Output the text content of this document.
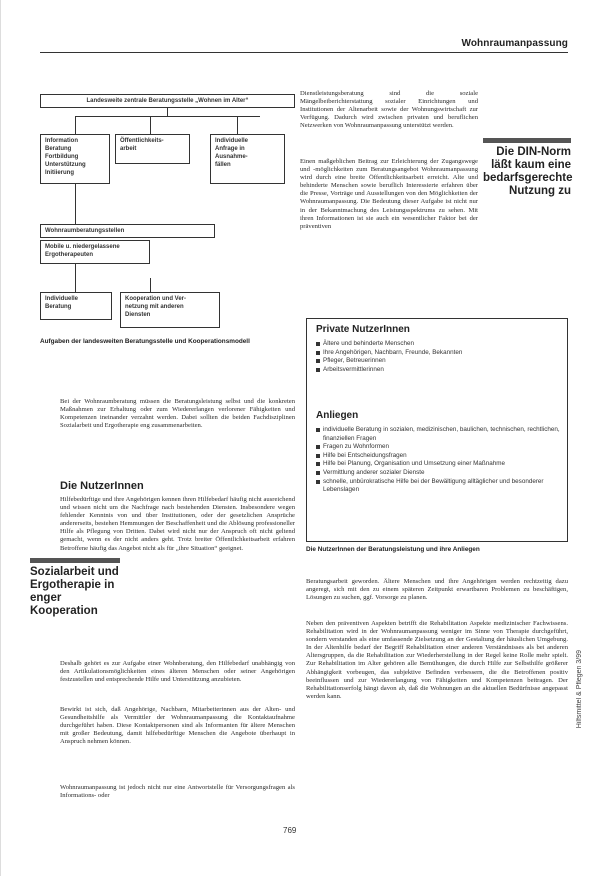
Wohnraumanpassung
Landesweite zentrale Beratungsstelle „Wohnen im Alter“
Information
Beratung
Fortbildung
Unterstützung
Initiierung
Öffentlichkeits-
arbeit
Individuelle
Anfrage in
Ausnahme-
fällen
Wohnraumberatungsstellen
Mobile u. niedergelassene
Ergotherapeuten
Individuelle
Beratung
Kooperation und Ver-
netzung mit anderen
Diensten
Aufgaben der landesweiten Beratungsstelle und Kooperationsmodell
Bei der Wohnraumberatung müssen die Beratungsleistung selbst und die konkreten Maßnahmen zur Erhaltung oder zum Wiedererlangen verlorener Fähigkeiten und Kompetenzen ineinander verzahnt werden. Dabei sollten die beiden Fachdisziplinen Sozialarbeit und Ergotherapie eng zusammenarbeiten.
Die NutzerInnen
Hilfebedürftige und ihre Angehörigen kennen ihren Hilfebedarf häufig nicht ausreichend und wissen nicht um die Nachfrage nach bestehenden Diensten. Insbesondere wegen fehlender Kenntnis von und über Institutionen, oder der gesetzlichen Ansprüche andererseits, bestehen Hemmungen der Beschaffenheit und die Ablösung professioneller Hilfe als Pflegung von Dritten. Dabei wird nicht nur der Anspruch oft nicht geltend gemacht, wenn es der nicht anders geht. Trotz breiter Öffentlichkeitsarbeit erfahren Betroffene häufig das Angebot nicht als für „ihre Situation“ geeignet.
Sozialarbeit und Ergotherapie in enger Kooperation
Deshalb gehört es zur Aufgabe einer Wohnberatung, den Hilfebedarf unabhängig von den Artikulationsmöglichkeiten eines älteren Menschen oder seiner Angehörigen festzustellen und entsprechende Hilfe und Unterstützung anzubieten.
Bewirkt ist sich, daß Angehörige, Nachbarn, Mitarbeiterinnen aus der Alten- und Gesundheitshilfe als Vermittler der Wohnraumanpassung die Kontaktaufnahme durchgeführt haben. Diese Kontaktpersonen sind als Informanten für ältere Menschen mit großer Bedeutung, damit hilfebedürftige Menschen die Angebote überhaupt in Anspruch nehmen können.
Wohnraumanpassung ist jedoch nicht nur eine Antwortstelle für Versorgungsfragen als Informations- oder
Dienstleistungsberatung sind die soziale Mängelbeiberichterstattung sozialer Einrichtungen und Institutionen der Altenarbeit sowie der Wohnungswirtschaft zur Verfügung. Dadurch wird zwischen privaten und beruflichen Netzwerken von Wohnraumanpassung unterstützt werden.
Einen maßgeblichen Beitrag zur Erleichterung der Zugangswege und -möglichkeiten zum Beratungsangebot Wohnraumanpassung wird durch eine breite Öffentlichkeitsarbeit erreicht. Alte und behinderte Menschen sowie beruflich Interessierte erfahren über die Presse, Vorträge und Ausstellungen von den Möglichkeiten der Wohnraumanpassung. Die Bedeutung dieser Aufgabe ist nicht nur in der Bekanntmachung des Leistungsspektrums zu sehen. Mit ihren Informationen ist sie auch ein wesentlicher Faktor bei der präventiven
Die DIN-Norm läßt kaum eine bedarfsgerechte Nutzung zu
Private NutzerInnen
Ältere und behinderte Menschen
Ihre Angehörigen, Nachbarn, Freunde, Bekannten
Pfleger, Betreuerinnen
Arbeitsvermittlerinnen
Anliegen
individuelle Beratung in sozialen, medizinischen, baulichen, technischen, rechtlichen, finanziellen Fragen
Fragen zu Wohnformen
Hilfe bei Entscheidungsfragen
Hilfe bei Planung, Organisation und Umsetzung einer Maßnahme
Vermittlung anderer sozialer Dienste
schnelle, unbürokratische Hilfe bei der Bewältigung alltäglicher und besonderer Lebenslagen
Die NutzerInnen der Beratungsleistung und ihre Anliegen
Beratungsarbeit geworden. Ältere Menschen und ihre Angehörigen werden rechtzeitig dazu angeregt, sich mit den zu einem späteren Zeitpunkt erwartbaren Problemen zu beschäftigen, Lösungen zu suchen, ggf. Vorsorge zu planen.
Neben den präventiven Aspekten betrifft die Rehabilitation Aspekte medizinischer Fachwissens. Rehabilitation wird in der Wohnraumanpassung weniger im Sinne von Therapie durchgeführt, sondern verstanden als eine umfassende Zielsetzung an der Gestaltung der häuslichen Umgebung. In der Altenhilfe bedarf der Begriff Rehabilitation einer anderen Verständnisses als bei anderen Altersgruppen, da die Rehabilitation zur Wiederherstellung in der Regel keine Rolle mehr spielt. Zur Rehabilitation im Alter gehören alle Bemühungen, die durch Hilfe zur Selbsthilfe größerer Abhängigkeit vorbeugen, das subjektive Befinden verbessern, die die Betroffenen positiv beeinflussen und zur Wiedererlangung von Fähigkeiten und Kompetenzen beitragen. Der Rehabilitationserfolg hängt davon ab, daß die Wohnungen an die aktuellen Bedürfnisse angepasst werden kann.	Hilfsmittel & Pflegen 3/99
769
